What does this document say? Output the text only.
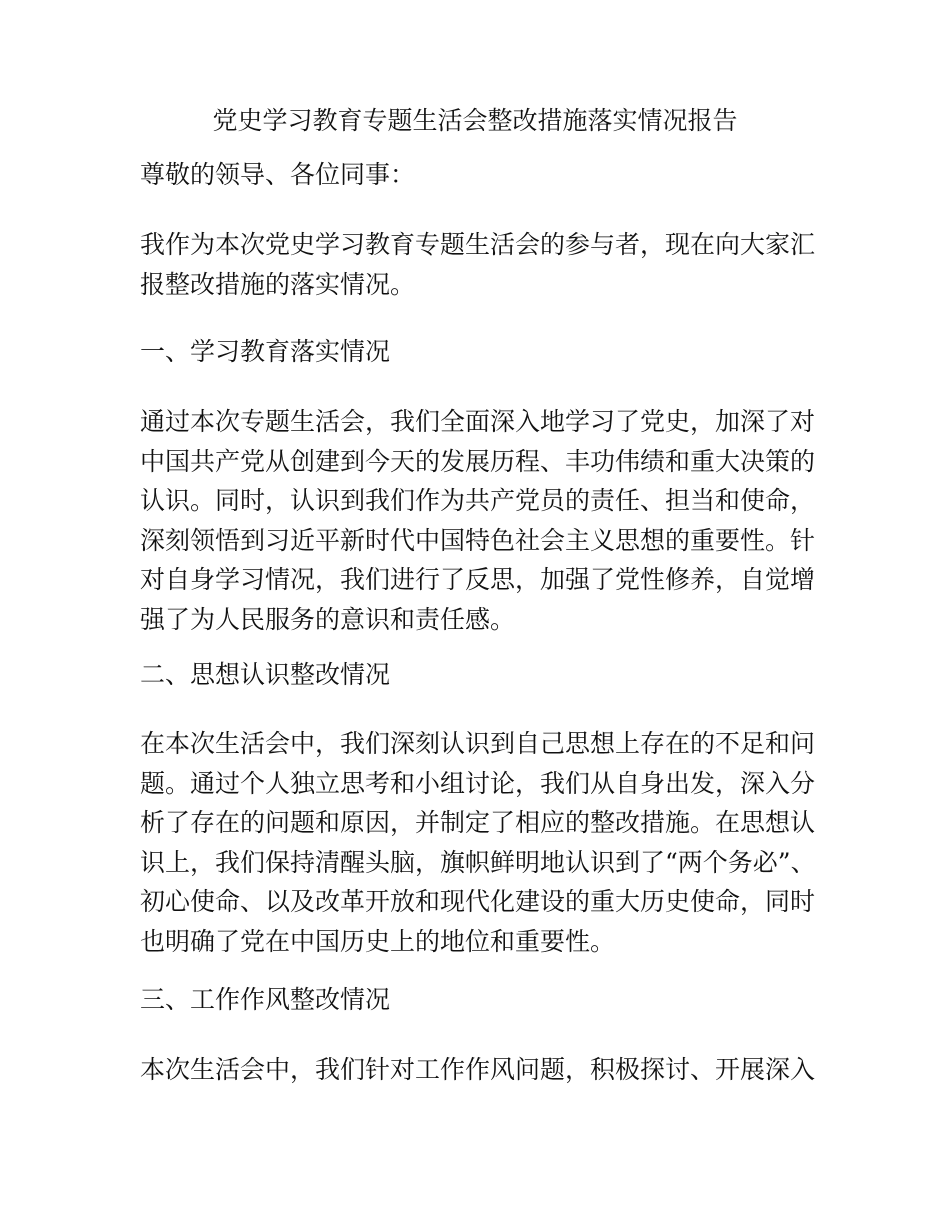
党史学习教育专题生活会整改措施落实情况报告

尊敬的领导、各位同事：

我作为本次党史学习教育专题生活会的参与者，现在向大家汇
报整改措施的落实情况。

一、学习教育落实情况

通过本次专题生活会，我们全面深入地学习了党史，加深了对
中国共产党从创建到今天的发展历程、丰功伟绩和重大决策的
认识。同时，认识到我们作为共产党员的责任、担当和使命，
深刻领悟到习近平新时代中国特色社会主义思想的重要性。针
对自身学习情况，我们进行了反思，加强了党性修养，自觉增
强了为人民服务的意识和责任感。

二、思想认识整改情况

在本次生活会中，我们深刻认识到自己思想上存在的不足和问
题。通过个人独立思考和小组讨论，我们从自身出发，深入分
析了存在的问题和原因，并制定了相应的整改措施。在思想认
识上，我们保持清醒头脑，旗帜鲜明地认识到了“两个务必”、
初心使命、以及改革开放和现代化建设的重大历史使命，同时
也明确了党在中国历史上的地位和重要性。

三、工作作风整改情况

本次生活会中，我们针对工作作风问题，积极探讨、开展深入
